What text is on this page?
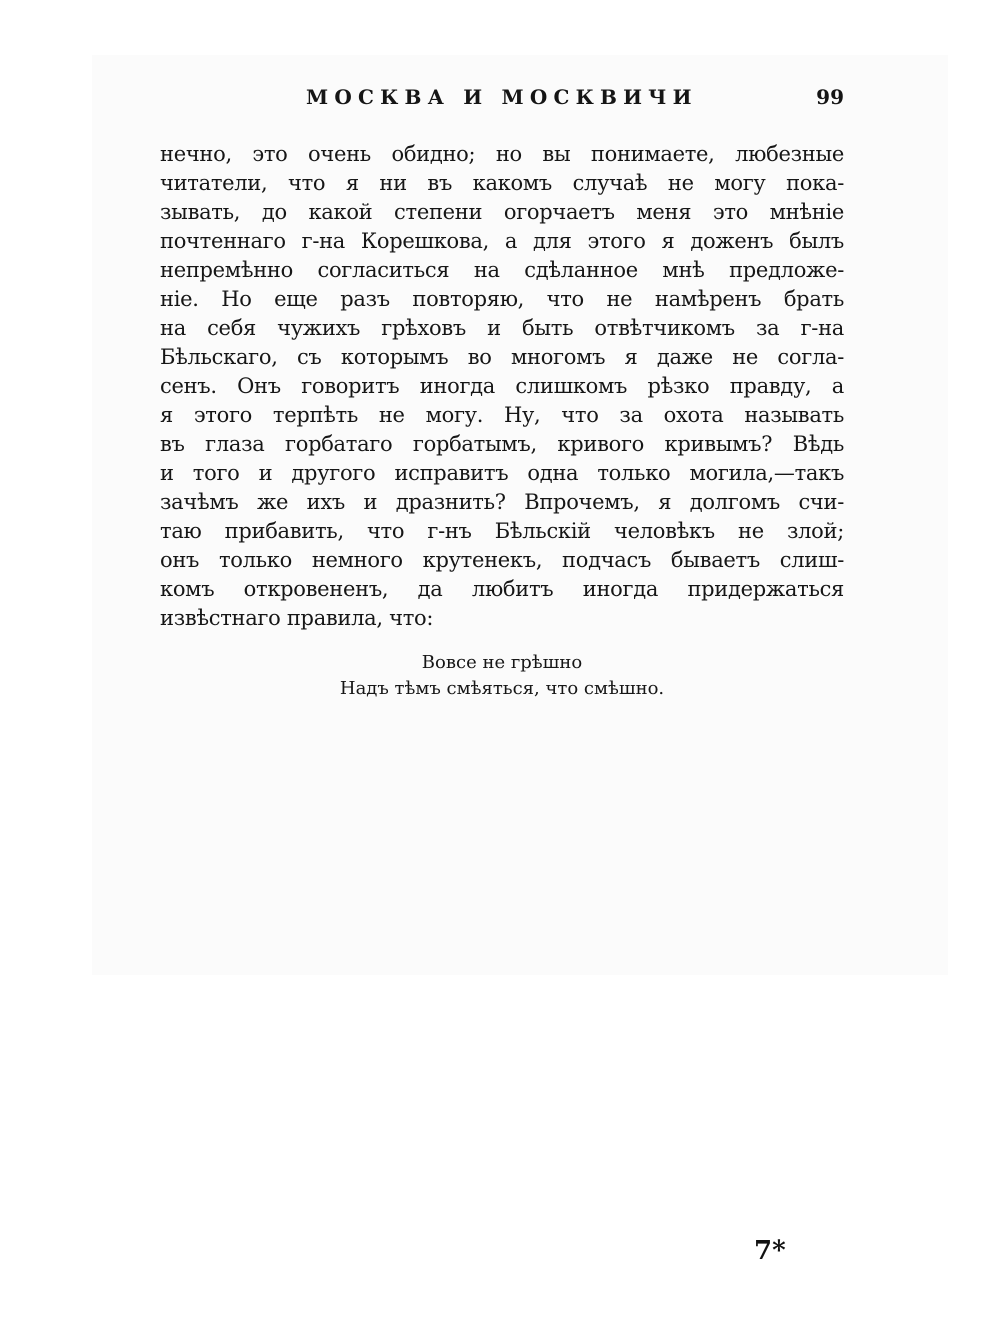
МОСКВА И МОСКВИЧИ	99
нечно, это очень обидно; но вы понимаете, любезные
читатели, что я ни въ какомъ случаѣ не могу пока-
зывать, до какой степени огорчаетъ меня это мнѣніе
почтеннаго г-на Корешкова, а для этого я доженъ былъ
непремѣнно согласиться на сдѣланное мнѣ предложе-
ніе. Но еще разъ повторяю, что не намѣренъ брать
на себя чужихъ грѣховъ и быть отвѣтчикомъ за г-на
Бѣльскаго, съ которымъ во многомъ я даже не согла-
сенъ. Онъ говоритъ иногда слишкомъ рѣзко правду, а
я этого терпѣть не могу. Ну, что за охота называть
въ глаза горбатаго горбатымъ, кривого кривымъ? Вѣдь
и того и другого исправитъ одна только могила,—такъ
зачѣмъ же ихъ и дразнить? Впрочемъ, я долгомъ счи-
таю прибавить, что г-нъ Бѣльскій человѣкъ не злой;
онъ только немного крутенекъ, подчасъ бываетъ слиш-
комъ откровененъ, да любитъ иногда придержаться
извѣстнаго правила, что:
Вовсе не грѣшно
Надъ тѣмъ смѣяться, что смѣшно.
7*
